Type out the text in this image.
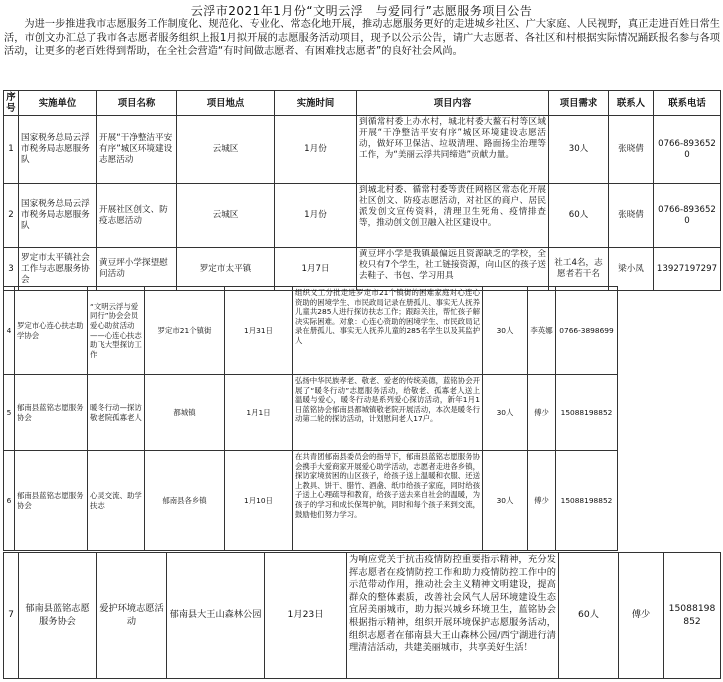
云浮市2021年1月份“文明云浮　与爱同行”志愿服务项目公告
为进一步推进我市志愿服务工作制度化、规范化、专业化、常态化地开展，推动志愿服务更好的走进城乡社区、广大家庭、人民视野，真正走进百姓日常生活，市创文办汇总了我市各志愿者服务组织上报1月拟开展的志愿服务活动项目，现予以公示公告，请广大志愿者、各社区和村根据实际情况踊跃报名参与各项活动，让更多的老百姓得到帮助，在全社会营造“有时间做志愿者、有困难找志愿者”的良好社会风尚。
序号	实施单位	项目名称	项目地点	实施时间	项目内容	项目需求	联系人	联系电话
1	国家税务总局云浮市税务局志愿服务队	开展“干净整洁平安有序”城区环境建设志愿活动	云城区	1月份	到循常村委上办水村，城北村委大鳌石村等区域开展“干净整洁平安有序”城区环境建设志愿活动，做好环卫保洁、垃圾清理、路面扬尘治理等工作，为“美丽云浮共同缔造”贡献力量。	30人	张晓倩	0766-8936520
2	国家税务总局云浮市税务局志愿服务队	开展社区创文、防疫志愿活动	云城区	1月份	到城北村委、循常村委等责任网格区常态化开展社区创文、防疫志愿活动，对社区的商户、居民派发创文宣传资料，清理卫生死角、疫情排查等，推动创文创卫融入社区建设中。	60人	张晓倩	0766-8936520
3	罗定市太平镇社会工作与志愿服务协会	黄豆坪小学探望慰问活动	罗定市太平镇	1月7日	黄豆坪小学是我镇最偏远且资源缺乏的学校，全校只有7个学生，社工链接资源，向山区的孩子送去鞋子、书包、学习用具	社工4名，志愿者若干名	梁小凤	13927197297
4	罗定市心连心扶志助学协会	“文明云浮与爱同行”协会会员爱心助贫活动——心连心扶志助飞大型探访工作	罗定市21个镇街	1月31日	组织义工分批走进罗定市21个镇街的困难家庭对心连心资助的困境学生、市民政局记录在册孤儿、事实无人抚养儿童共285人进行探访扶志工作；跟踪关注，帮忙孩子解决实际困难。对象：心连心资助的困境学生、市民政局记录在册孤儿、事实无人抚养儿童的285名学生以及其监护人	30人	李英娜	0766-3898699
5	郁南县蓝铭志愿服务协会	暖冬行动—探访敬老院孤寡老人	都城镇	1月1日	弘扬中华民族孝老、敬老、爱老的传统美德，蓝铭协会开展了“暖冬行动”志愿服务活动，给敬老、孤寡老人送上温暖与爱心，暖冬行动是系列爱心探访活动，新年1月1日蓝铭协会郁南县都城镇敬老院开展活动，本次是暖冬行动第二轮的探访活动，计划慰问老人17户。	30人	傅少	15088198852
6	郁南县蓝铭志愿服务协会	心灵交流、助学扶志	郁南县各乡镇	1月10日	在共青团郁南县委员会的指导下，郁南县蓝铭志愿服务协会携手大爱商家开展爱心助学活动，志愿者走进各乡镇，探访家境贫困的山区孩子，给孩子送上温暖和衣服、还送上教具、饼干、腊竹、酒盏、纸巾给孩子家庭，同时给孩子送上心理疏导和教育，给孩子送去来自社会的温暖，为孩子的学习和成长保驾护航，同时和每个孩子来到交流，鼓励他们努力学习。	30人	傅少	15088198852
7	郁南县蓝铭志愿服务协会	爱护环境志愿活动	郁南县大王山森林公园	1月23日	为响应党关于抗击疫情防控重要指示精神，充分发挥志愿者在疫情防控工作和助力疫情防控工作中的示范带动作用，推动社会主义精神文明建设，提高群众的整体素质，改善社会风气人居环境建设生态宜居美丽城市，助力振兴城乡环境卫生，蓝铭协会根据指示精神，组织开展环境保护志愿服务活动，组织志愿者在郁南县大王山森林公园/西宁湖进行清理清洁活动，共建美丽城市，共享美好生活！	60人	傅少	15088198852
